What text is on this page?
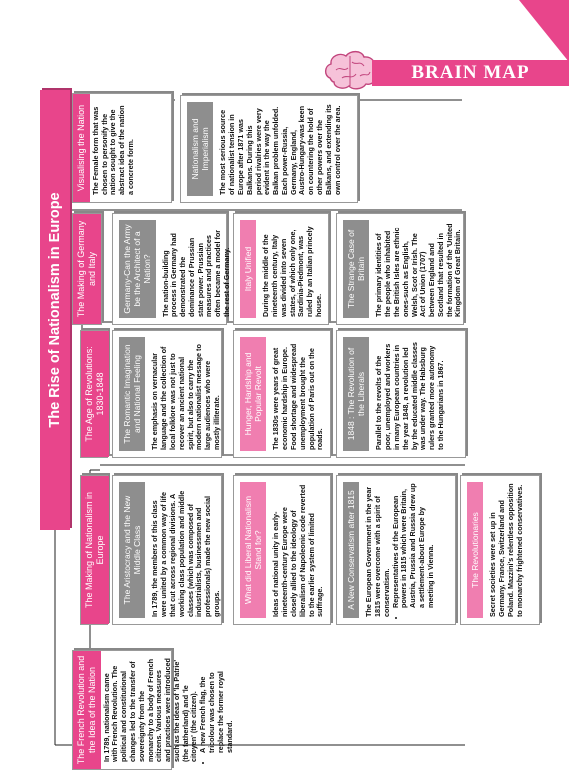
BRAIN MAP
The Rise of Nationalism in Europe
Visualising the Nation The Female form that was chosen to personify the nation sought to give the abstract idea of the nation a concrete form.	Nationalism and Imperialism	The most serious source of nationalist tension in Europe after 1871 was Balkans. During this period rivalries were very evident in the way the Balkan problem unfolded. Each power-Russia, Germany, England, Austro-Hungary-was keen on countering the hold of other powers over the Balkans, and extending its own control over the area.
The Making of Germany and Italy	Germany-Can the Army be the Architect of a Nation?	The nation-building process in Germany had demonstrated the dominance of Prussian state power. Prussian measures and practices often became a model for the rest of Germany.	Italy Unified	During the middle of the nineteenth century, Italy was divided into seven states, of which only one, Sardinia-Piedmont, was ruled by an Italian princely house.	The Strange Case of Britain	The primary identities of the people who inhabited the British Isles are ethnic ones-such as English, Welsh, Scot or Irish. The Act of Union (1707) between England and Scotland that resulted in the formation of the 'United Kingdom of Great Britain.
The Age of Revolutions: 1830-1848	The Romantic Imagination and National Feeling	The emphasis on vernacular language and the collection of local folklore was not just to recover an ancient national spirit, but also to carry the modern nationalist message to large audiences who were mostly illiterate.	Hunger, Hardship and Popular Revolt	The 1830s were years of great economic hardship in Europe. Food shortage and widespread unemployment brought the population of Paris out on the roads.	1848 : The Revolution of the Liberals	Parallel to the revolts of the poor, unemployed and workers in many European countries in the year 1848, a revolution led by the educated middle classes was under way. The Habsburg rulers granted more autonomy to the Hungarians in 1867.
The Making of Nationalism in Europe	The Aristocracy and the New Middle Class	In 1789, the members of this class were united by a common way of life that cut across regional divisions. A working class population and middle classes (which was composed of industrialists, businessmen and professionals) made the new social groups.	What did Liberal Nationalism Stand for?	Ideas of national unity in early-nineteenth-century Europe were closely allied to the ideology of liberalism of Napoleonic code reverted to the earlier system of limited suffrage.	A New Conservatism after 1815	The European Government in the year 1815 were overcome with a spirit of conservatism. • Representatives of the European powers in 1815 which were Britain, Austria, Prussia and Russia drew up a settlement-about Europe by meeting in Vienna.	The Revolutionaries	Secret societies were set up in Germany, France, Switzerland and Poland. Mazzini's relentless opposition to monarchy frightened conservatives.
The French Revolution and the Idea of the Nation In 1789, nationalism came with French Revolution. The political and constitutional changes led to the transfer of sovereignty from the monarchy to a body of French citizens. Various measures and practices were introduced such as the ideas of 'la Patrie' (the fatherland) and 'le citoyen' (the citizen). • A new French flag, the tricolour was chosen to replace the former royal standard.
